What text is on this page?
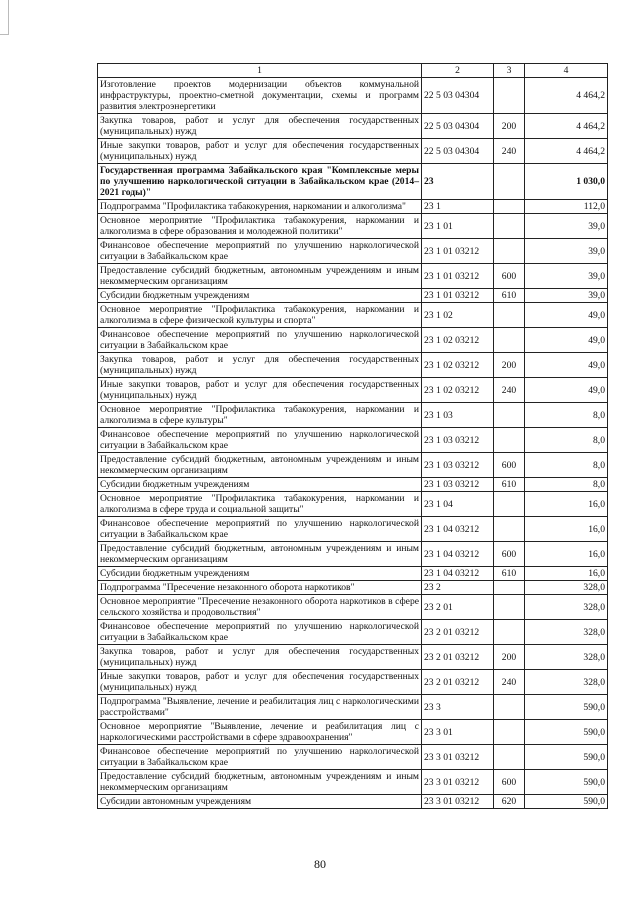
1	2	3	4
Изготовление проектов модернизации объектов коммунальной инфраструктуры, проектно-сметной документации, схемы и программ развития электроэнергетики	22 5 03 04304		4 464,2
Закупка товаров, работ и услуг для обеспечения государственных (муниципальных) нужд	22 5 03 04304	200	4 464,2
Иные закупки товаров, работ и услуг для обеспечения государственных (муниципальных) нужд	22 5 03 04304	240	4 464,2
Государственная программа Забайкальского края "Комплексные меры по улучшению наркологической ситуации в Забайкальском крае (2014–2021 годы)"	23		1 030,0
Подпрограмма "Профилактика табакокурения, наркомании и алкоголизма"	23 1		112,0
Основное мероприятие "Профилактика табакокурения, наркомании и алкоголизма в сфере образования и молодежной политики"	23 1 01		39,0
Финансовое обеспечение мероприятий по улучшению наркологической ситуации в Забайкальском крае	23 1 01 03212		39,0
Предоставление субсидий бюджетным, автономным учреждениям и иным некоммерческим организациям	23 1 01 03212	600	39,0
Субсидии бюджетным учреждениям	23 1 01 03212	610	39,0
Основное мероприятие "Профилактика табакокурения, наркомании и алкоголизма в сфере физической культуры и спорта"	23 1 02		49,0
Финансовое обеспечение мероприятий по улучшению наркологической ситуации в Забайкальском крае	23 1 02 03212		49,0
Закупка товаров, работ и услуг для обеспечения государственных (муниципальных) нужд	23 1 02 03212	200	49,0
Иные закупки товаров, работ и услуг для обеспечения государственных (муниципальных) нужд	23 1 02 03212	240	49,0
Основное мероприятие "Профилактика табакокурения, наркомании и алкоголизма в сфере культуры"	23 1 03		8,0
Финансовое обеспечение мероприятий по улучшению наркологической ситуации в Забайкальском крае	23 1 03 03212		8,0
Предоставление субсидий бюджетным, автономным учреждениям и иным некоммерческим организациям	23 1 03 03212	600	8,0
Субсидии бюджетным учреждениям	23 1 03 03212	610	8,0
Основное мероприятие "Профилактика табакокурения, наркомании и алкоголизма в сфере труда и социальной защиты"	23 1 04		16,0
Финансовое обеспечение мероприятий по улучшению наркологической ситуации в Забайкальском крае	23 1 04 03212		16,0
Предоставление субсидий бюджетным, автономным учреждениям и иным некоммерческим организациям	23 1 04 03212	600	16,0
Субсидии бюджетным учреждениям	23 1 04 03212	610	16,0
Подпрограмма "Пресечение незаконного оборота наркотиков"	23 2		328,0
Основное мероприятие "Пресечение незаконного оборота наркотиков в сфере сельского хозяйства и продовольствия"	23 2 01		328,0
Финансовое обеспечение мероприятий по улучшению наркологической ситуации в Забайкальском крае	23 2 01 03212		328,0
Закупка товаров, работ и услуг для обеспечения государственных (муниципальных) нужд	23 2 01 03212	200	328,0
Иные закупки товаров, работ и услуг для обеспечения государственных (муниципальных) нужд	23 2 01 03212	240	328,0
Подпрограмма "Выявление, лечение и реабилитация лиц с наркологическими расстройствами"	23 3		590,0
Основное мероприятие "Выявление, лечение и реабилитация лиц с наркологическими расстройствами в сфере здравоохранения"	23 3 01		590,0
Финансовое обеспечение мероприятий по улучшению наркологической ситуации в Забайкальском крае	23 3 01 03212		590,0
Предоставление субсидий бюджетным, автономным учреждениям и иным некоммерческим организациям	23 3 01 03212	600	590,0
Субсидии автономным учреждениям	23 3 01 03212	620	590,0
80
